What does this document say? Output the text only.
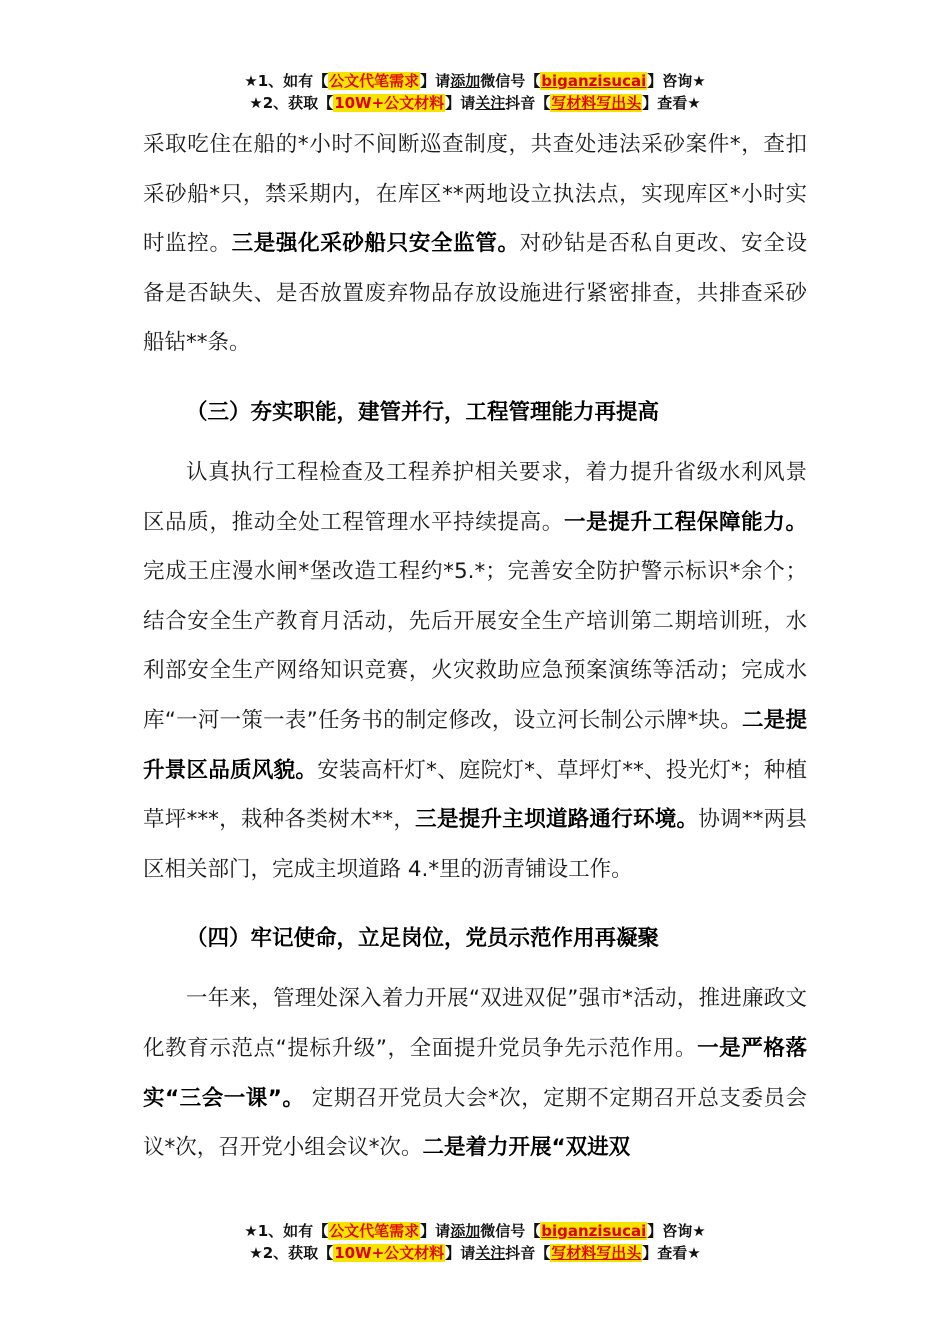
★1、如有【公文代笔需求】请添加微信号【biganzisucai】咨询★
★2、获取【10W+公文材料】请关注抖音【写材料写出头】查看★

采取吃住在船的*小时不间断巡查制度，共查处违法采砂案件*，查扣采砂船*只，禁采期内，在库区**两地设立执法点，实现库区*小时实时监控。三是强化采砂船只安全监管。对砂钻是否私自更改、安全设备是否缺失、是否放置废弃物品存放设施进行紧密排查，共排查采砂船钻**条。

（三）夯实职能，建管并行，工程管理能力再提高

认真执行工程检查及工程养护相关要求，着力提升省级水利风景区品质，推动全处工程管理水平持续提高。一是提升工程保障能力。完成王庄漫水闸*堡改造工程约*5.*；完善安全防护警示标识*余个；结合安全生产教育月活动，先后开展安全生产培训第二期培训班，水利部安全生产网络知识竞赛，火灾救助应急预案演练等活动；完成水库“一河一策一表”任务书的制定修改，设立河长制公示牌*块。二是提升景区品质风貌。安装高杆灯*、庭院灯*、草坪灯**、投光灯*；种植草坪***，栽种各类树木**，三是提升主坝道路通行环境。协调**两县区相关部门，完成主坝道路 4.*里的沥青铺设工作。

（四）牢记使命，立足岗位，党员示范作用再凝聚

一年来，管理处深入着力开展“双进双促”强市*活动，推进廉政文化教育示范点“提标升级”，全面提升党员争先示范作用。一是严格落实“三会一课”。 定期召开党员大会*次，定期不定期召开总支委员会议*次，召开党小组会议*次。二是着力开展“双进双

★1、如有【公文代笔需求】请添加微信号【biganzisucai】咨询★
★2、获取【10W+公文材料】请关注抖音【写材料写出头】查看★
